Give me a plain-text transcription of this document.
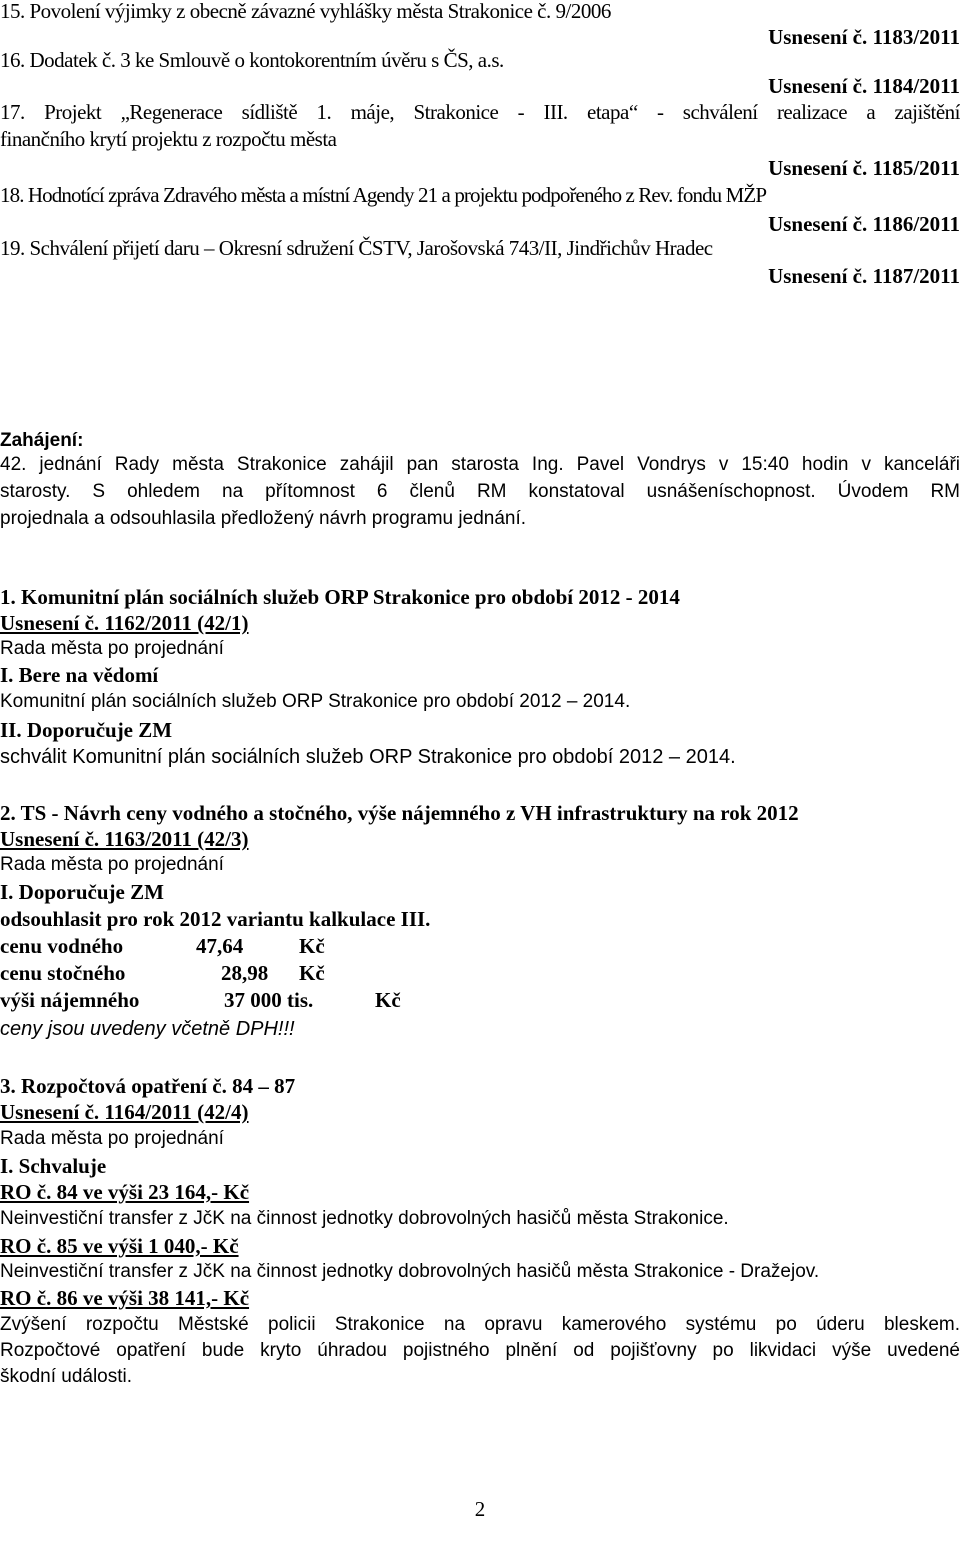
15. Povolení výjimky z obecně závazné vyhlášky města Strakonice č. 9/2006
Usnesení č. 1183/2011
16. Dodatek č. 3 ke Smlouvě o kontokorentním úvěru s ČS, a.s.
Usnesení č. 1184/2011
17. Projekt „Regenerace sídliště 1. máje, Strakonice - III. etapa“ - schválení realizace a zajištění
finančního krytí projektu z rozpočtu města
Usnesení č. 1185/2011
18. Hodnotící zpráva Zdravého města a místní Agendy 21 a projektu podpořeného z Rev. fondu MŽP
Usnesení č. 1186/2011
19. Schválení přijetí daru – Okresní sdružení ČSTV, Jarošovská 743/II, Jindřichův Hradec
Usnesení č. 1187/2011
Zahájení:
42. jednání Rady města Strakonice zahájil pan starosta Ing. Pavel Vondrys v 15:40 hodin v kanceláři
starosty. S ohledem na přítomnost 6 členů RM konstatoval usnášeníschopnost. Úvodem RM
projednala a odsouhlasila předložený návrh programu jednání.
1. Komunitní plán sociálních služeb ORP Strakonice pro období 2012 - 2014
Usnesení č. 1162/2011 (42/1)
Rada města po projednání
I. Bere na vědomí
Komunitní plán sociálních služeb ORP Strakonice pro období 2012 – 2014.
II. Doporučuje ZM
schválit Komunitní plán sociálních služeb ORP Strakonice pro období 2012 – 2014.
2. TS - Návrh ceny vodného a stočného, výše nájemného z VH infrastruktury na rok 2012
Usnesení č. 1163/2011 (42/3)
Rada města po projednání
I. Doporučuje ZM
odsouhlasit pro rok 2012 variantu kalkulace III.
cenu vodného	47,64	Kč
cenu stočného	28,98 Kč
výši nájemného	37 000 tis.	Kč
ceny jsou uvedeny včetně DPH!!!
3. Rozpočtová opatření č. 84 – 87
Usnesení č. 1164/2011 (42/4)
Rada města po projednání
I. Schvaluje
RO č. 84 ve výši 23 164,- Kč
Neinvestiční transfer z JčK na činnost jednotky dobrovolných hasičů města Strakonice.
RO č. 85 ve výši 1 040,- Kč
Neinvestiční transfer z JčK na činnost jednotky dobrovolných hasičů města Strakonice - Dražejov.
RO č. 86 ve výši 38 141,- Kč
Zvýšení rozpočtu Městské policii Strakonice na opravu kamerového systému po úderu bleskem.
Rozpočtové opatření bude kryto úhradou pojistného plnění od pojišťovny po likvidaci výše uvedené
škodní události.
2
